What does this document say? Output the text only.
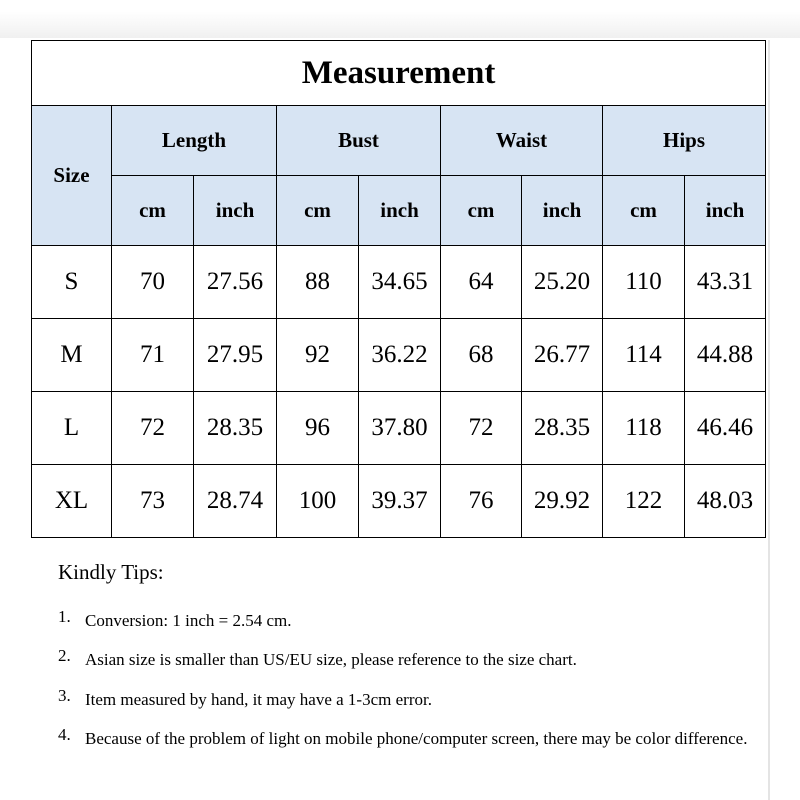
Measurement								
Size	Length		Bust		Waist		Hips	
	cm	inch	cm	inch	cm	inch	cm	inch
S	70	27.56	88	34.65	64	25.20	110	43.31
M	71	27.95	92	36.22	68	26.77	114	44.88
L	72	28.35	96	37.80	72	28.35	118	46.46
XL	73	28.74	100	39.37	76	29.92	122	48.03
Kindly Tips:
1. Conversion: 1 inch = 2.54 cm.
2. Asian size is smaller than US/EU size, please reference to the size chart.
3. Item measured by hand, it may have a 1-3cm error.
4. Because of the problem of light on mobile phone/computer screen, there may be color difference.
